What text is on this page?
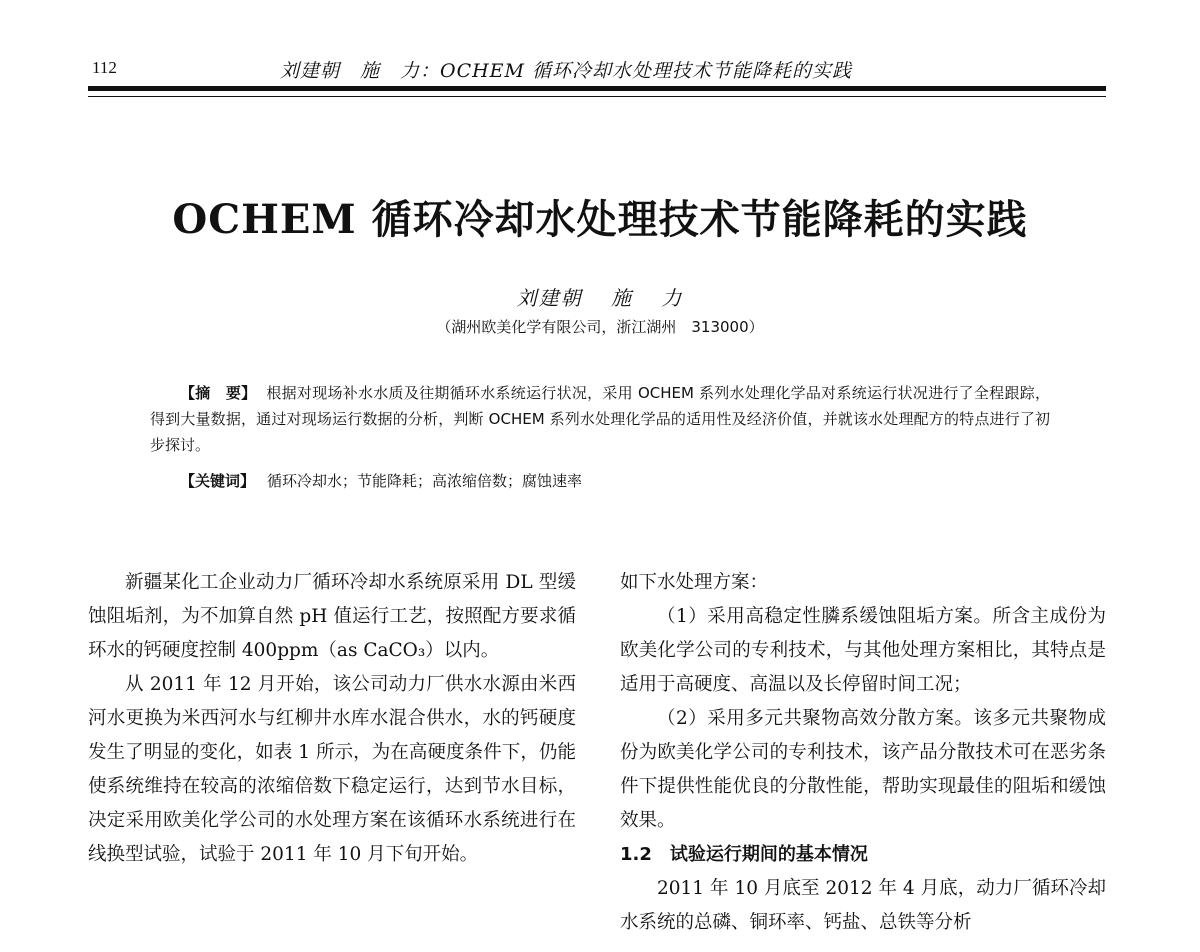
112	刘建朝　施　力：OCHEM 循环冷却水处理技术节能降耗的实践
OCHEM 循环冷却水处理技术节能降耗的实践
刘建朝 施 力
（湖州欧美化学有限公司，浙江湖州　313000）

【摘　要】 根据对现场补水水质及往期循环水系统运行状况，采用 OCHEM 系列水处理化学品对系统运行状况进行了全程跟踪，得到大量数据，通过对现场运行数据的分析，判断 OCHEM 系列水处理化学品的适用性及经济价值，并就该水处理配方的特点进行了初步探讨。

【关键词】 循环冷却水；节能降耗；高浓缩倍数；腐蚀速率

新疆某化工企业动力厂循环冷却水系统原采用 DL 型缓蚀阻垢剂，为不加算自然 pH 值运行工艺，按照配方要求循环水的钙硬度控制 400ppm（as CaCO₃）以内。

从 2011 年 12 月开始，该公司动力厂供水水源由米西河水更换为米西河水与红柳井水库水混合供水，水的钙硬度发生了明显的变化，如表 1 所示，为在高硬度条件下，仍能使系统维持在较高的浓缩倍数下稳定运行，达到节水目标，决定采用欧美化学公司的水处理方案在该循环水系统进行在线换型试验，试验于 2011 年 10 月下旬开始。

如下水处理方案：

（1）采用高稳定性膦系缓蚀阻垢方案。所含主成份为欧美化学公司的专利技术，与其他处理方案相比，其特点是适用于高硬度、高温以及长停留时间工况；

（2）采用多元共聚物高效分散方案。该多元共聚物成份为欧美化学公司的专利技术，该产品分散技术可在恶劣条件下提供性能优良的分散性能，帮助实现最佳的阻垢和缓蚀效果。

1.2 试验运行期间的基本情况

2011 年 10 月底至 2012 年 4 月底，动力厂循环冷却水系统的总磷、铜环率、钙盐、总铁等分析
